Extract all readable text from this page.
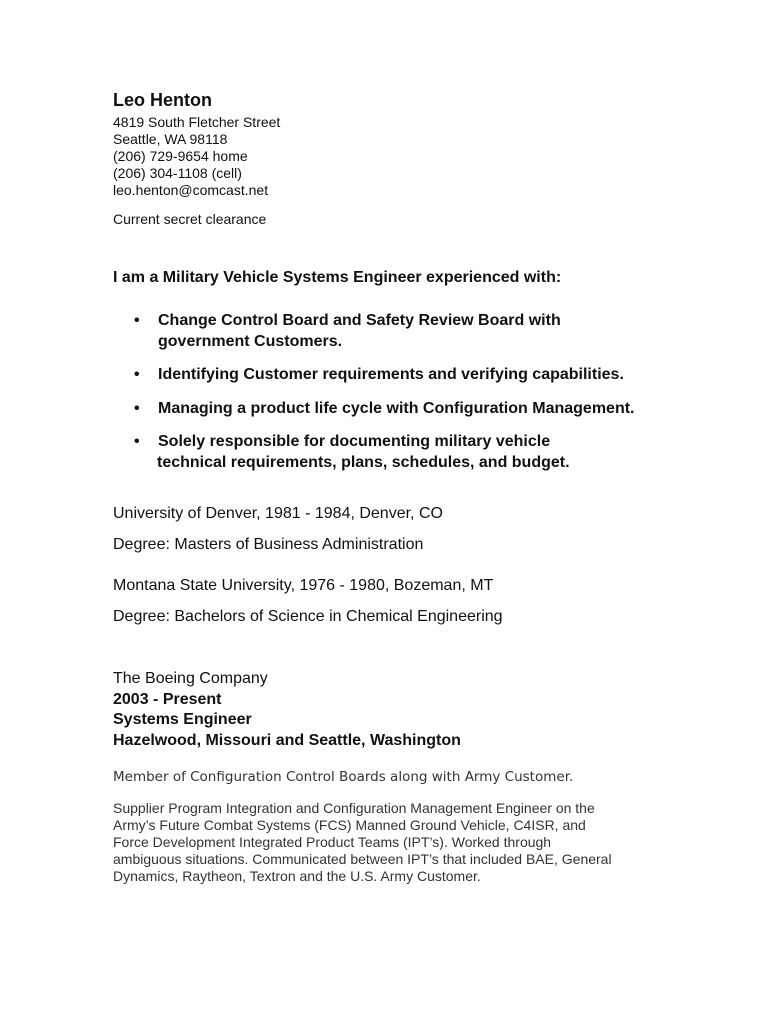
Leo Henton
4819 South Fletcher Street
Seattle, WA 98118
(206) 729-9654 home
(206) 304-1108 (cell)
leo.henton@comcast.net
Current secret clearance
I am a Military Vehicle Systems Engineer experienced with:
• Change Control Board and Safety Review Board with
government Customers.
• Identifying Customer requirements and verifying capabilities.
• Managing a product life cycle with Configuration Management.
• Solely responsible for documenting military vehicle
technical requirements, plans, schedules, and budget.
University of Denver, 1981 - 1984, Denver, CO
Degree: Masters of Business Administration
Montana State University, 1976 - 1980, Bozeman, MT
Degree: Bachelors of Science in Chemical Engineering
The Boeing Company
2003 - Present
Systems Engineer
Hazelwood, Missouri and Seattle, Washington
Member of Configuration Control Boards along with Army Customer.
Supplier Program Integration and Configuration Management Engineer on the
Army’s Future Combat Systems (FCS) Manned Ground Vehicle, C4ISR, and
Force Development Integrated Product Teams (IPT’s). Worked through
ambiguous situations. Communicated between IPT’s that included BAE, General
Dynamics, Raytheon, Textron and the U.S. Army Customer.
